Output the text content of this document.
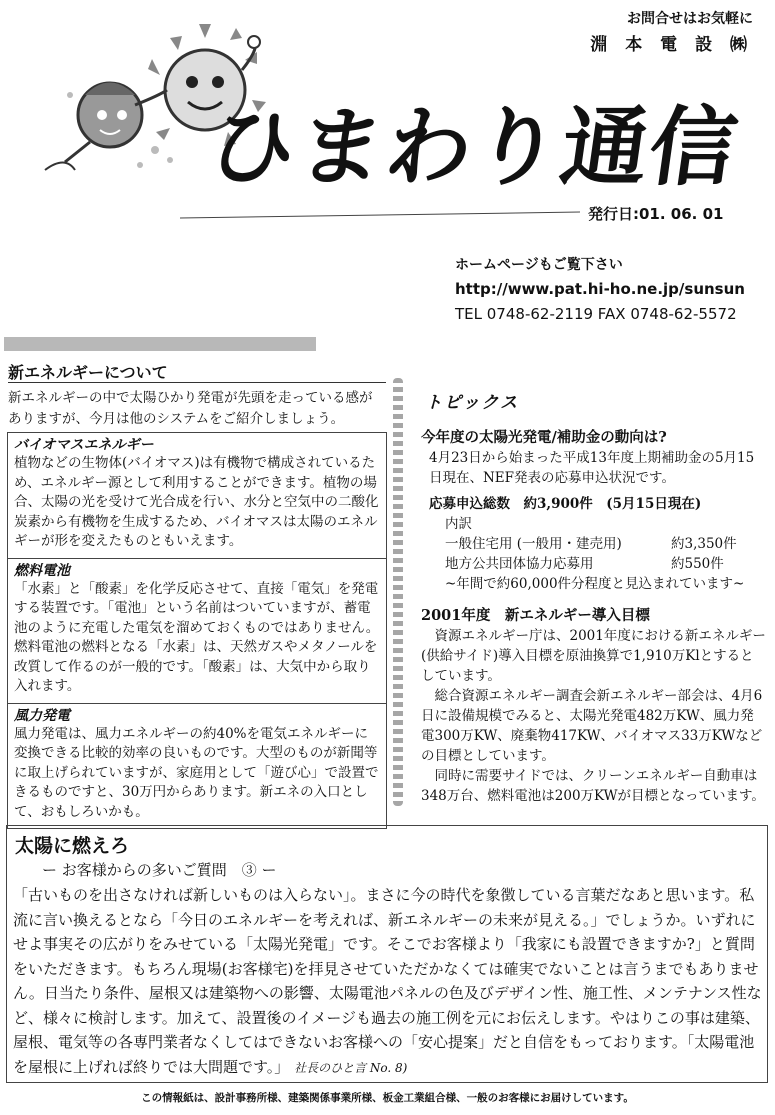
お問合せはお気軽に
淵 本 電 設 ㈱
ひまわり通信
発行日:01. 06. 01
ホームページもご覧下さい
http://www.pat.hi-ho.ne.jp/sunsun
TEL 0748-62-2119 FAX 0748-62-5572
新エネルギーについて
新エネルギーの中で太陽ひかり発電が先頭を走っている感がありますが、今月は他のシステムをご紹介しましょう。
バイオマスエネルギー

植物などの生物体(バイオマス)は有機物で構成されているため、エネルギー源として利用することができます。植物の場合、太陽の光を受けて光合成を行い、水分と空気中の二酸化炭素から有機物を生成するため、バイオマスは太陽のエネルギーが形を変えたものともいえます。

燃料電池

「水素」と「酸素」を化学反応させて、直接「電気」を発電する装置です。「電池」という名前はついていますが、蓄電池のように充電した電気を溜めておくものではありません。燃料電池の燃料となる「水素」は、天然ガスやメタノールを改質して作るのが一般的です。「酸素」は、大気中から取り入れます。

風力発電

風力発電は、風力エネルギーの約40%を電気エネルギーに変換できる比較的効率の良いものです。大型のものが新聞等に取上げられていますが、家庭用として「遊び心」で設置できるものですと、30万円からあります。新エネの入口として、おもしろいかも。

トピックス

今年度の太陽光発電/補助金の動向は?

4月23日から始まった平成13年度上期補助金の5月15日現在、NEF発表の応募申込状況です。

応募申込総数　約3,900件　(5月15日現在)

内訳

一般住宅用 (一般用・建売用)	約3,350件
地方公共団体協力応募用	約550件

~年間で約60,000件分程度と見込まれています~

2001年度　新エネルギー導入目標

資源エネルギー庁は、2001年度における新エネルギー(供給サイド)導入目標を原油換算で1,910万Klとするとしています。

総合資源エネルギー調査会新エネルギー部会は、4月6日に設備規模でみると、太陽光発電482万KW、風力発電300万KW、廃棄物417KW、バイオマス33万KWなどの目標としています。

同時に需要サイドでは、クリーンエネルギー自動車は348万台、燃料電池は200万KWが目標となっています。

太陽に燃えろ
ー お客様からの多いご質問　③ ー
「古いものを出さなければ新しいものは入らない」。まさに今の時代を象徴している言葉だなあと思います。私流に言い換えるとなら「今日のエネルギーを考えれば、新エネルギーの未来が見える。」でしょうか。いずれにせよ事実その広がりをみせている「太陽光発電」です。そこでお客様より「我家にも設置できますか?」と質問をいただきます。もちろん現場(お客様宅)を拝見させていただかなくては確実でないことは言うまでもありません。日当たり条件、屋根又は建築物への影響、太陽電池パネルの色及びデザイン性、施工性、メンテナンス性など、様々に検討します。加えて、設置後のイメージも過去の施工例を元にお伝えします。やはりこの事は建築、屋根、電気等の各専門業者なくしてはできないお客様への「安心提案」だと自信をもっております。「太陽電池を屋根に上げれば終りでは大問題です。」 社長のひと言 No. 8)
この情報紙は、設計事務所様、建築関係事業所様、板金工業組合様、一般のお客様にお届けしています。
